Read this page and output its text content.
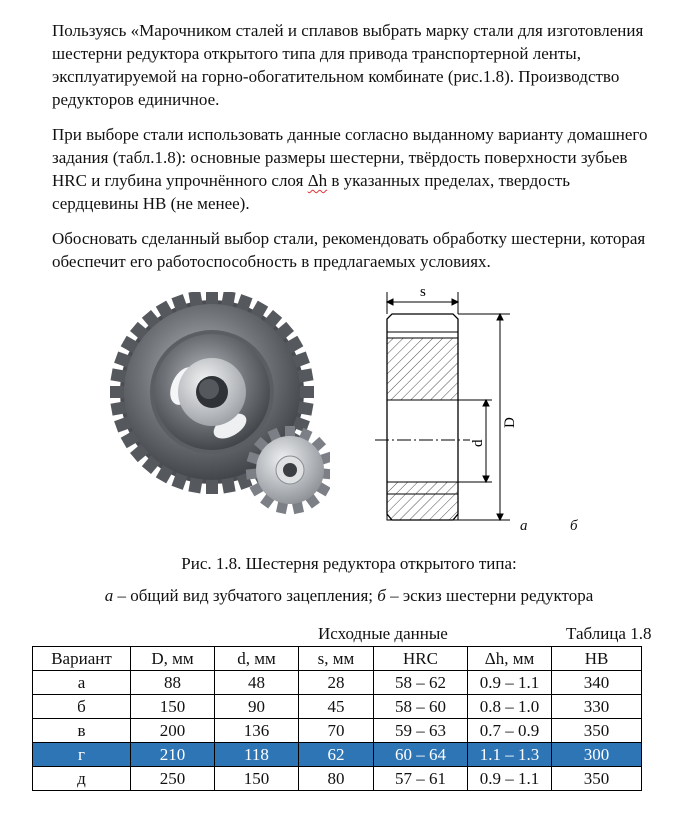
Пользуясь «Марочником сталей и сплавов выбрать марку стали для изготовления шестерни редуктора открытого типа для привода транспортерной ленты, эксплуатируемой на горно-обогатительном комбинате (рис.1.8). Производство редукторов единичное.

При выборе стали использовать данные согласно выданному варианту домашнего задания (табл.1.8): основные размеры шестерни, твёрдость поверхности зубьев HRC и глубина упрочнённого слоя Δh в указанных пределах, твердость сердцевины HB (не менее).

Обосновать сделанный выбор стали, рекомендовать обработку шестерни, которая обеспечит его работоспособность в предлагаемых условиях.

s
D
d
а	б
Рис. 1.8. Шестерня редуктора открытого типа:
а – общий вид зубчатого зацепления; б – эскиз шестерни редуктора
Исходные данные	Таблица 1.8
Вариант	D, мм	d, мм	s, мм	HRC	Δh, мм	HB
а	88	48	28	58 – 62	0.9 – 1.1	340
б	150	90	45	58 – 60	0.8 – 1.0	330
в	200	136	70	59 – 63	0.7 – 0.9	350
г	210	118	62	60 – 64	1.1 – 1.3	300
д	250	150	80	57 – 61	0.9 – 1.1	350
